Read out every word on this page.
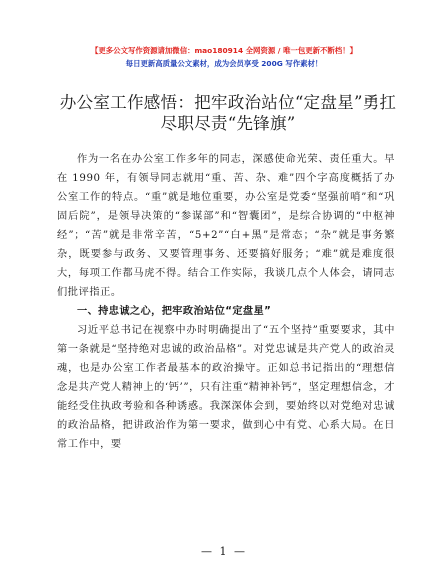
【更多公文写作资源请加微信：mao180914 全网资源 / 唯一包更新不断档！】
每日更新高质量公文素材，成为会员享受 200G 写作素材！
办公室工作感悟：把牢政治站位“定盘星”勇扛尽职尽责“先锋旗”

作为一名在办公室工作多年的同志，深感使命光荣、责任重大。早在 1990 年，有领导同志就用“重、苦、杂、难”四个字高度概括了办公室工作的特点。“重”就是地位重要，办公室是党委“坚强前哨”和“巩固后院”，是领导决策的“参谋部”和“智囊团”，是综合协调的“中枢神经”；“苦”就是非常辛苦，“5+2”“白+黑”是常态；“杂”就是事务繁杂，既要参与政务、又要管理事务、还要搞好服务；“难”就是难度很大，每项工作都马虎不得。结合工作实际，我谈几点个人体会，请同志们批评指正。

一、持忠诚之心，把牢政治站位“定盘星”

习近平总书记在视察中办时明确提出了“五个坚持”重要要求，其中第一条就是“坚持绝对忠诚的政治品格”。对党忠诚是共产党人的政治灵魂，也是办公室工作者最基本的政治操守。正如总书记指出的“理想信念是共产党人精神上的‘钙’”，只有注重“精神补钙”，坚定理想信念，才能经受住执政考验和各种诱惑。我深深体会到，要始终以对党绝对忠诚的政治品格，把讲政治作为第一要求，做到心中有党、心系大局。在日常工作中，要

— 1 —
